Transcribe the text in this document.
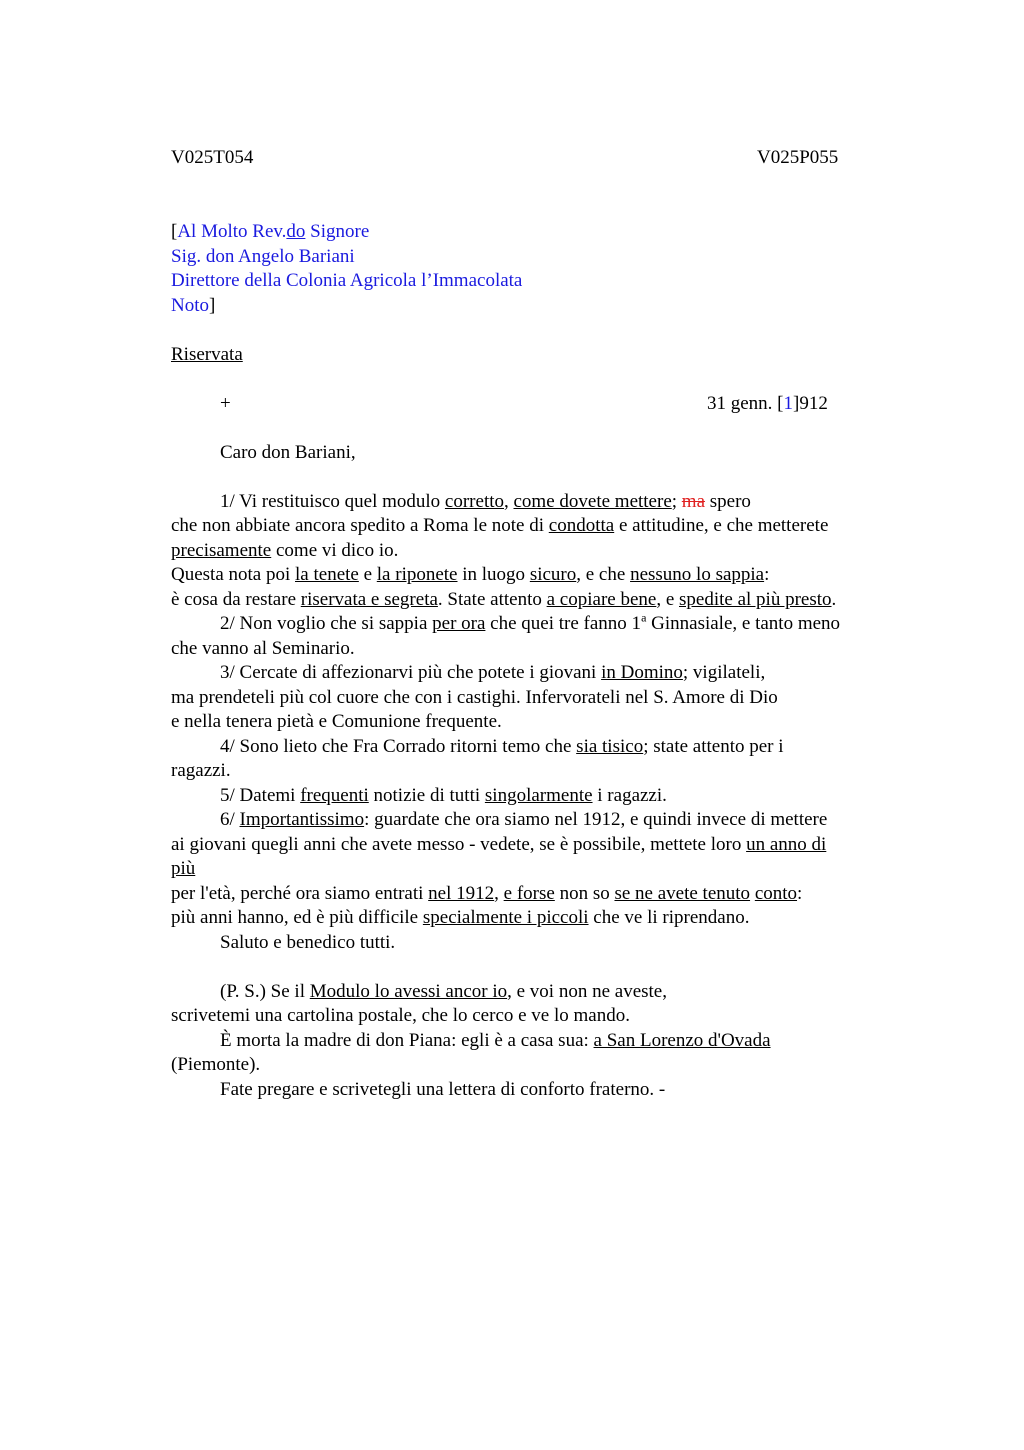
V025T054	V025P055
[Al Molto Rev.do Signore
Sig. don Angelo Bariani
Direttore della Colonia Agricola l’Immacolata
Noto]
Riservata
+	31 genn. [1]912
Caro don Bariani,
1/ Vi restituisco quel modulo corretto, come dovete mettere; ma spero
che non abbiate ancora spedito a Roma le note di condotta e attitudine, e che metterete
precisamente come vi dico io.
Questa nota poi la tenete e la riponete in luogo sicuro, e che nessuno lo sappia:
è cosa da restare riservata e segreta. State attento a copiare bene, e spedite al più presto.
2/ Non voglio che si sappia per ora che quei tre fanno 1$^a$ Ginnasiale, e tanto meno
che vanno al Seminario.
3/ Cercate di affezionarvi più che potete i giovani in Domino; vigilateli,
ma prendeteli più col cuore che con i castighi. Infervorateli nel S. Amore di Dio
e nella tenera pietà e Comunione frequente.
4/ Sono lieto che Fra Corrado ritorni temo che sia tisico; state attento per i
ragazzi.
5/ Datemi frequenti notizie di tutti singolarmente i ragazzi.
6/ Importantissimo: guardate che ora siamo nel 1912, e quindi invece di mettere
ai giovani quegli anni che avete messo - vedete, se è possibile, mettete loro un anno di
più
per l'età, perché ora siamo entrati nel 1912, e forse non so se ne avete tenuto conto:
più anni hanno, ed è più difficile specialmente i piccoli che ve li riprendano.
Saluto e benedico tutti.
(P. S.) Se il Modulo lo avessi ancor io, e voi non ne aveste,
scrivetemi una cartolina postale, che lo cerco e ve lo mando.
È morta la madre di don Piana: egli è a casa sua: a San Lorenzo d'Ovada
(Piemonte).
Fate pregare e scrivetegli una lettera di conforto fraterno. -
